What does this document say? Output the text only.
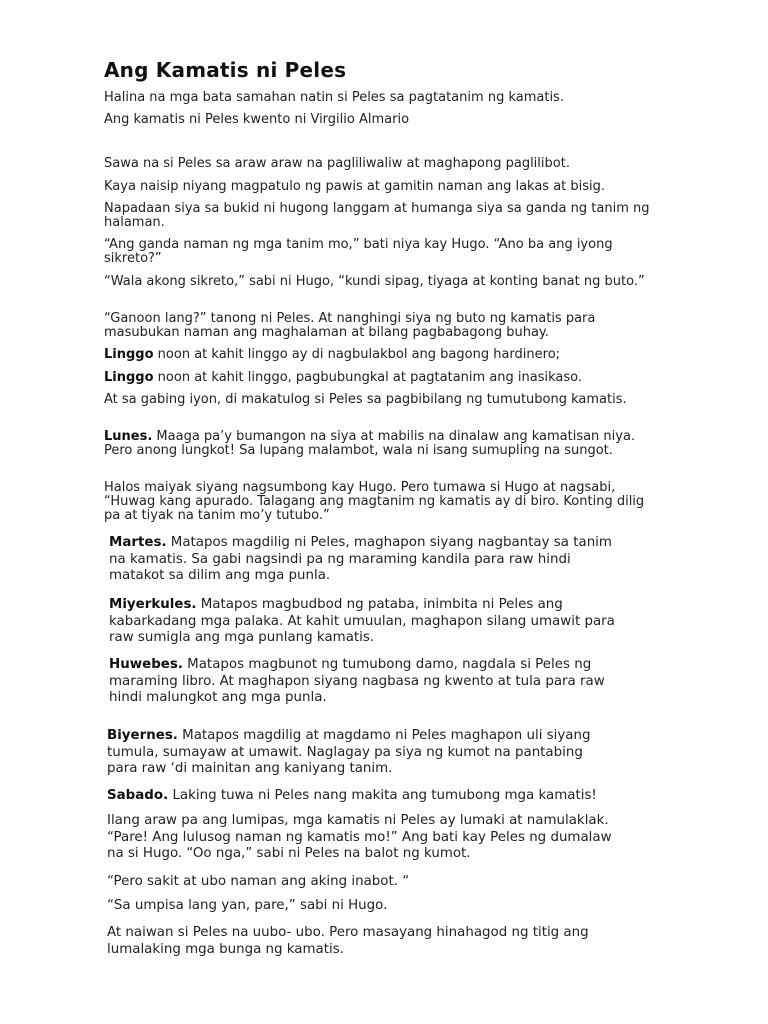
Ang Kamatis ni Peles

Halina na mga bata samahan natin si Peles sa pagtatanim ng kamatis.

Ang kamatis ni Peles kwento ni Virgilio Almario

Sawa na si Peles sa araw araw na pagliliwaliw at maghapong paglilibot.

Kaya naisip niyang magpatulo ng pawis at gamitin naman ang lakas at bisig.

Napadaan siya sa bukid ni hugong langgam at humanga siya sa ganda ng tanim ng halaman.

“Ang ganda naman ng mga tanim mo,” bati niya kay Hugo. “Ano ba ang iyong sikreto?”

“Wala akong sikreto,” sabi ni Hugo, “kundi sipag, tiyaga at konting banat ng buto.”

“Ganoon lang?” tanong ni Peles. At nanghingi siya ng buto ng kamatis para masubukan naman ang maghalaman at bilang pagbabagong buhay.

Linggo noon at kahit linggo ay di nagbulakbol ang bagong hardinero;

Linggo noon at kahit linggo, pagbubungkal at pagtatanim ang inasikaso.

At sa gabing iyon, di makatulog si Peles sa pagbibilang ng tumutubong kamatis.

Lunes. Maaga pa’y bumangon na siya at mabilis na dinalaw ang kamatisan niya. Pero anong lungkot! Sa lupang malambot, wala ni isang sumupling na sungot.

Halos maiyak siyang nagsumbong kay Hugo. Pero tumawa si Hugo at nagsabi, “Huwag kang apurado. Talagang ang magtanim ng kamatis ay di biro. Konting dilig pa at tiyak na tanim mo’y tutubo.”

Martes. Matapos magdilig ni Peles, maghapon siyang nagbantay sa tanim na kamatis. Sa gabi nagsindi pa ng maraming kandila para raw hindi matakot sa dilim ang mga punla.

Miyerkules. Matapos magbudbod ng pataba, inimbita ni Peles ang kabarkadang mga palaka. At kahit umuulan, maghapon silang umawit para raw sumigla ang mga punlang kamatis.

Huwebes. Matapos magbunot ng tumubong damo, nagdala si Peles ng maraming libro. At maghapon siyang nagbasa ng kwento at tula para raw hindi malungkot ang mga punla.

Biyernes. Matapos magdilig at magdamo ni Peles maghapon uli siyang tumula, sumayaw at umawit. Naglagay pa siya ng kumot na pantabing para raw ‘di mainitan ang kaniyang tanim.

Sabado. Laking tuwa ni Peles nang makita ang tumubong mga kamatis!

Ilang araw pa ang lumipas, mga kamatis ni Peles ay lumaki at namulaklak. “Pare! Ang lulusog naman ng kamatis mo!” Ang bati kay Peles ng dumalaw na si Hugo. “Oo nga,” sabi ni Peles na balot ng kumot.

“Pero sakit at ubo naman ang aking inabot. “

“Sa umpisa lang yan, pare,” sabi ni Hugo.

At naiwan si Peles na uubo- ubo. Pero masayang hinahagod ng titig ang lumalaking mga bunga ng kamatis.
